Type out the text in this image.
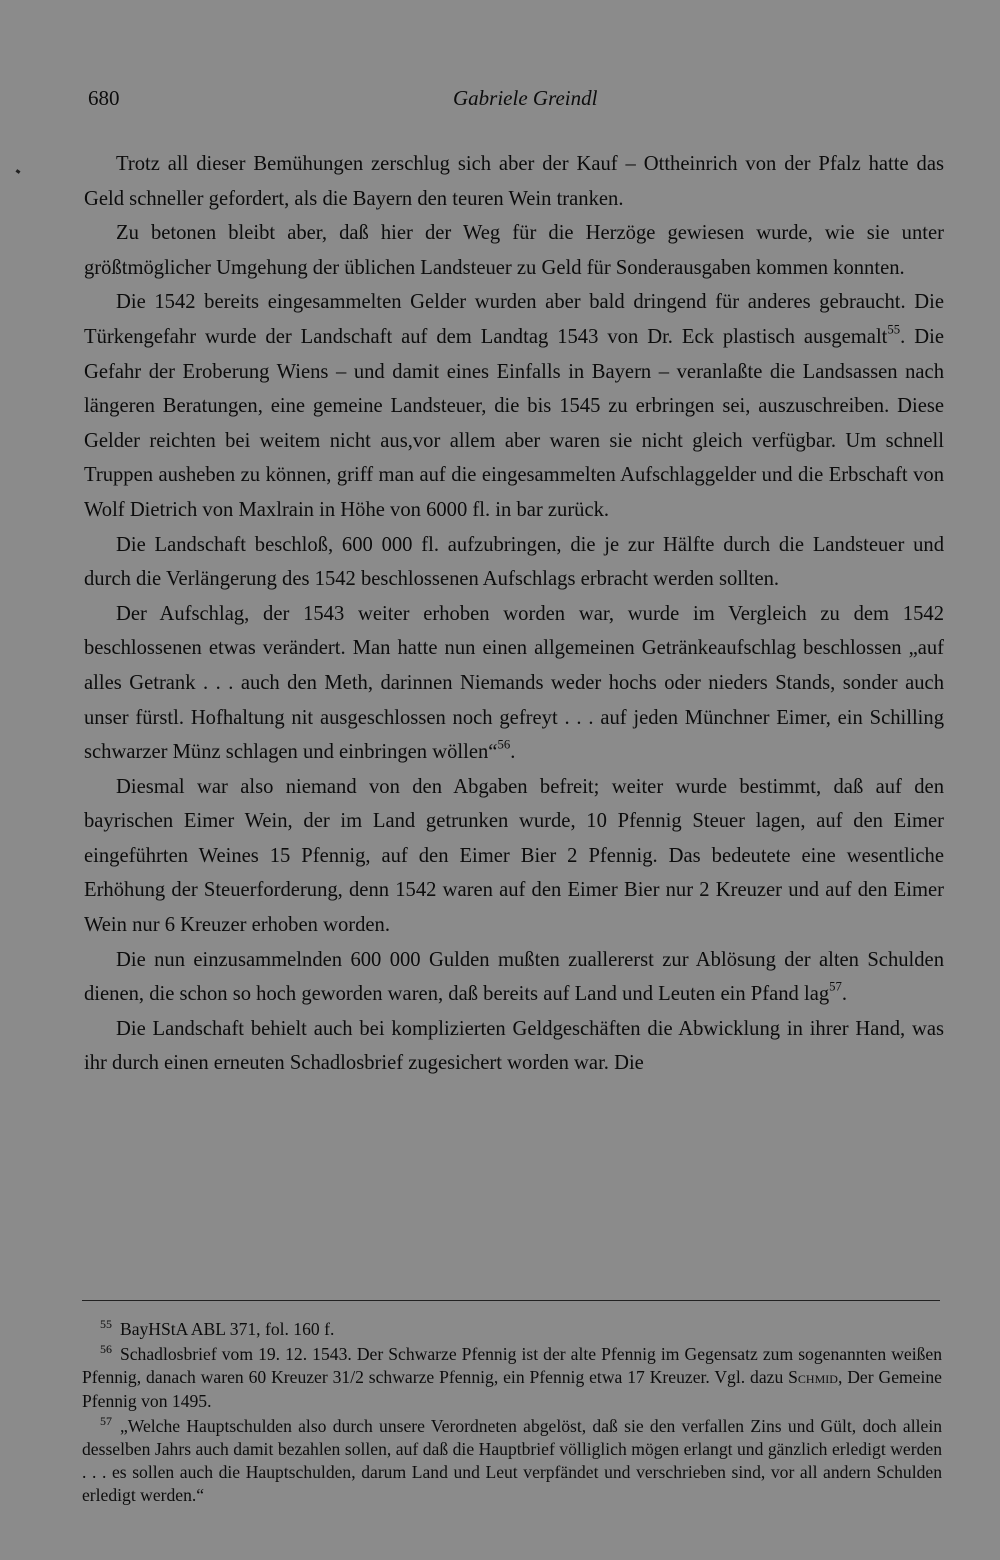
680	Gabriele Greindl

Trotz all dieser Bemühungen zerschlug sich aber der Kauf – Ottheinrich von der Pfalz hatte das Geld schneller gefordert, als die Bayern den teuren Wein tranken.

Zu betonen bleibt aber, daß hier der Weg für die Herzöge gewiesen wurde, wie sie unter größtmöglicher Umgehung der üblichen Landsteuer zu Geld für Sonderausgaben kommen konnten.

Die 1542 bereits eingesammelten Gelder wurden aber bald dringend für anderes gebraucht. Die Türkengefahr wurde der Landschaft auf dem Landtag 1543 von Dr. Eck plastisch ausgemalt$^{55}$. Die Gefahr der Eroberung Wiens – und damit eines Einfalls in Bayern – veranlaßte die Landsassen nach längeren Beratungen, eine gemeine Landsteuer, die bis 1545 zu erbringen sei, auszuschreiben. Diese Gelder reichten bei weitem nicht aus,vor allem aber waren sie nicht gleich verfügbar. Um schnell Truppen ausheben zu können, griff man auf die eingesammelten Aufschlaggelder und die Erbschaft von Wolf Dietrich von Maxlrain in Höhe von 6000 fl. in bar zurück.

Die Landschaft beschloß, 600 000 fl. aufzubringen, die je zur Hälfte durch die Landsteuer und durch die Verlängerung des 1542 beschlossenen Aufschlags erbracht werden sollten.

Der Aufschlag, der 1543 weiter erhoben worden war, wurde im Vergleich zu dem 1542 beschlossenen etwas verändert. Man hatte nun einen allgemeinen Getränkeaufschlag beschlossen „auf alles Getrank . . . auch den Meth, darinnen Niemands weder hochs oder nieders Stands, sonder auch unser fürstl. Hofhaltung nit ausgeschlossen noch gefreyt . . . auf jeden Münchner Eimer, ein Schilling schwarzer Münz schlagen und einbringen wöllen“$^{56}$.

Diesmal war also niemand von den Abgaben befreit; weiter wurde bestimmt, daß auf den bayrischen Eimer Wein, der im Land getrunken wurde, 10 Pfennig Steuer lagen, auf den Eimer eingeführten Weines 15 Pfennig, auf den Eimer Bier 2 Pfennig. Das bedeutete eine wesentliche Erhöhung der Steuerforderung, denn 1542 waren auf den Eimer Bier nur 2 Kreuzer und auf den Eimer Wein nur 6 Kreuzer erhoben worden.

Die nun einzusammelnden 600 000 Gulden mußten zuallererst zur Ablösung der alten Schulden dienen, die schon so hoch geworden waren, daß bereits auf Land und Leuten ein Pfand lag$^{57}$.

Die Landschaft behielt auch bei komplizierten Geldgeschäften die Abwicklung in ihrer Hand, was ihr durch einen erneuten Schadlosbrief zugesichert worden war. Die

$^{55}$ BayHStA ABL 371, fol. 160 f.

$^{56}$ Schadlosbrief vom 19. 12. 1543. Der Schwarze Pfennig ist der alte Pfennig im Gegensatz zum sogenannten weißen Pfennig, danach waren 60 Kreuzer 31/2 schwarze Pfennig, ein Pfennig etwa 17 Kreuzer. Vgl. dazu Schmid, Der Gemeine Pfennig von 1495.

$^{57}$ „Welche Hauptschulden also durch unsere Verordneten abgelöst, daß sie den verfallen Zins und Gült, doch allein desselben Jahrs auch damit bezahlen sollen, auf daß die Hauptbrief völliglich mögen erlangt und gänzlich erledigt werden . . . es sollen auch die Hauptschulden, darum Land und Leut verpfändet und verschrieben sind, vor all andern Schulden erledigt werden.“
